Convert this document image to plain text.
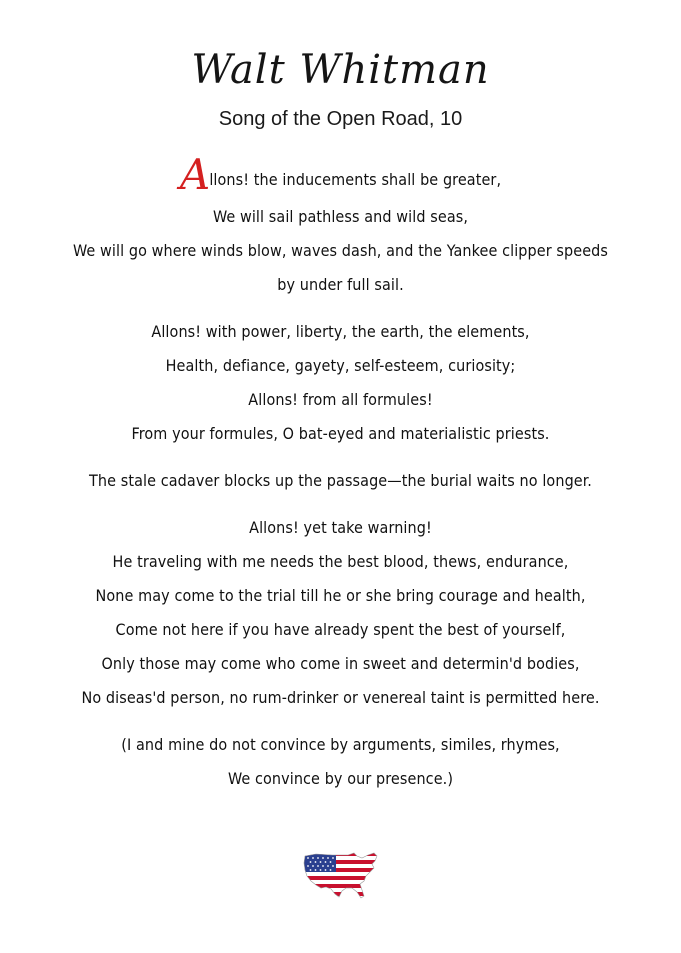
Walt Whitman
Song of the Open Road, 10
Allons! the inducements shall be greater,
We will sail pathless and wild seas,
We will go where winds blow, waves dash, and the Yankee clipper speeds
by under full sail.
Allons! with power, liberty, the earth, the elements,
Health, defiance, gayety, self-esteem, curiosity;
Allons! from all formules!
From your formules, O bat-eyed and materialistic priests.
The stale cadaver blocks up the passage—the burial waits no longer.
Allons! yet take warning!
He traveling with me needs the best blood, thews, endurance,
None may come to the trial till he or she bring courage and health,
Come not here if you have already spent the best of yourself,
Only those may come who come in sweet and determin'd bodies,
No diseas'd person, no rum-drinker or venereal taint is permitted here.
(I and mine do not convince by arguments, similes, rhymes,
We convince by our presence.)
